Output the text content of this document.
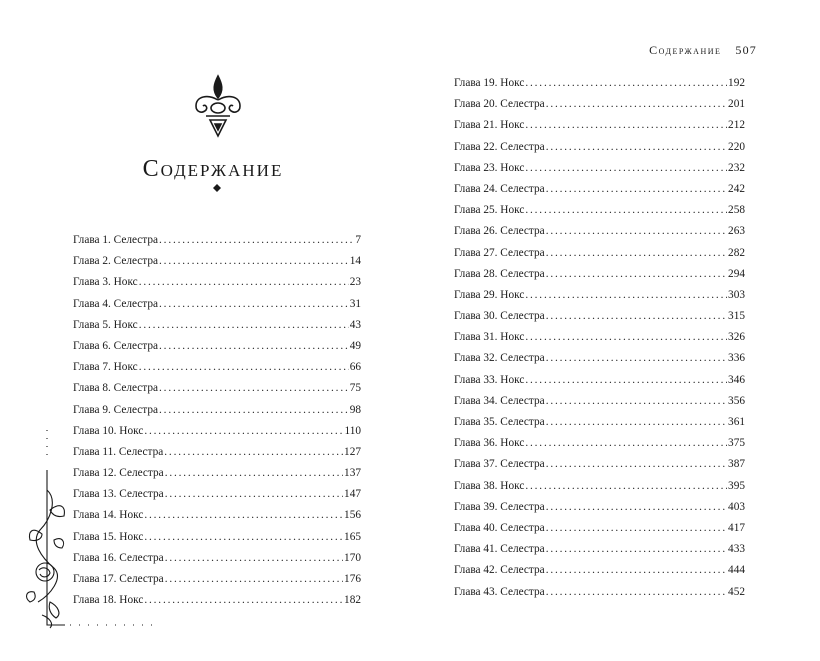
Содержание
Глава 1. Селестра . . .	7
Глава 2. Селестра . . .	14
Глава 3. Нокс . . .	23
Глава 4. Селестра . . .	31
Глава 5. Нокс . . .	43
Глава 6. Селестра . . .	49
Глава 7. Нокс . . .	66
Глава 8. Селестра . . .	75
Глава 9. Селестра . . .	98
Глава 10. Нокс . . .	110
Глава 11. Селестра . . .	127
Глава 12. Селестра . . .	137
Глава 13. Селестра . . .	147
Глава 14. Нокс . . .	156
Глава 15. Нокс . . .	165
Глава 16. Селестра . . .	170
Глава 17. Селестра . . .	176
Глава 18. Нокс . . .	182
Содержание 507
Глава 19. Нокс . . .	192
Глава 20. Селестра . . .	201
Глава 21. Нокс . . .	212
Глава 22. Селестра . . .	220
Глава 23. Нокс . . .	232
Глава 24. Селестра . . .	242
Глава 25. Нокс . . .	258
Глава 26. Селестра . . .	263
Глава 27. Селестра . . .	282
Глава 28. Селестра . . .	294
Глава 29. Нокс . . .	303
Глава 30. Селестра . . .	315
Глава 31. Нокс . . .	326
Глава 32. Селестра . . .	336
Глава 33. Нокс . . .	346
Глава 34. Селестра . . .	356
Глава 35. Селестра . . .	361
Глава 36. Нокс . . .	375
Глава 37. Селестра . . .	387
Глава 38. Нокс . . .	395
Глава 39. Селестра . . .	403
Глава 40. Селестра . . .	417
Глава 41. Селестра . . .	433
Глава 42. Селестра . . .	444
Глава 43. Селестра . . .	452
